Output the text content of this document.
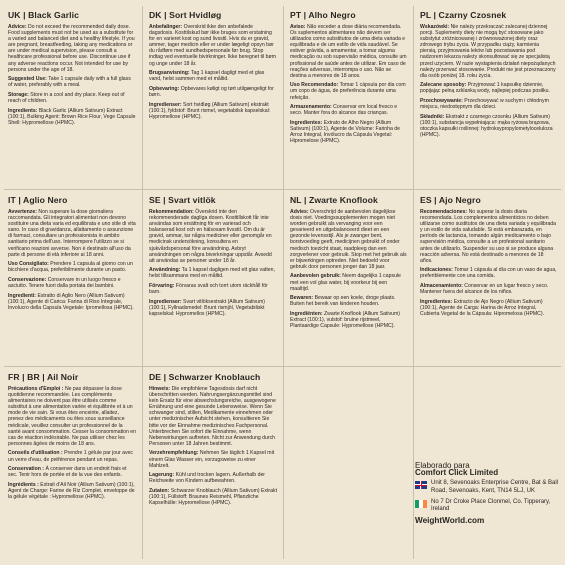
UK | Black Garlic

Advice: Do not exceed the recommended daily dose. Food supplements must not be used as a substitute for a varied and balanced diet and a healthy lifestyle. If you are pregnant, breastfeeding, taking any medications or are under medical supervision, please consult a healthcare professional before use. Discontinue use if any adverse reactions occur. Not intended for use by persons under the age of 18.

Suggested Use: Take 1 capsule daily with a full glass of water, preferably with a meal.

Storage: Store in a cool and dry place. Keep out of reach of children.

Ingredients: Black Garlic (Allium Sativum) Extract (100:1), Bulking Agent: Brown Rice Flour, Vege Capsule Shell: Hypromellose (HPMC).

DK | Sort Hvidløg

Anbefalinger: Overskrid ikke den anbefalede dagsdosis. Kosttilskud bør ikke bruges som erstatning for en varieret kost og sund livsstil. Hvis du er gravid, ammer, tager medicin eller er under lægeligt opsyn bør du rådføre med sundhedspersonale før brug. Stop indtag ved eventuelle bivirkninger. Ikke beregnet til børn og unge under 18 år.

Brugsanvisning: Tag 1 kapsel dagligt med et glas vand, helst sammen med et måltid.

Opbevaring: Opbevares køligt og tørt utilgængeligt for børn.

Ingredienser: Sort hvidløg (Allium Sativum) ekstrakt (100:1), fyldstof: Brunt rismel, vegetabilsk kapselskal: Hypromellose (HPMC).

PT | Alho Negro

Aviso: Não exceder a dose diária recomendada. Os suplementos alimentares não devem ser utilizados como substitutos de uma dieta variada e equilibrada e de um estilo de vida saudável. Se estiver grávida, a amamentar, a tomar alguma medicação ou sob supervisão médica, consulte um profissional de saúde antes de utilizar. Em caso de reações adversas, interrompa o uso. Não se destina a menores de 18 anos.

Uso Recomendado: Tomar 1 cápsula por dia com um copo de água, de preferência durante uma refeição.

Armazenamento: Conservar em local fresco e seco. Manter fora do alcance das crianças.

Ingredientes: Extrato de Alho Negro (Allium Sativum) (100:1), Agente de Volume: Farinha de Arroz Integral, Invólucro da Cápsula Vegetal: Hipromelose (HPMC).

PL | Czarny Czosnek

Wskazówki: Nie należy przekraczać zalecanej dziennej porcji. Suplementy diety nie mogą być stosowane jako substytut zróżnicowanej i zrównoważonej diety oraz zdrowego trybu życia. W przypadku ciąży, karmienia piersią, przyjmowania leków lub pozostawania pod nadzorem lekarza należy skonsultować się ze specjalistą przed użyciem. W razie wystąpienia działań niepożądanych należy przerwać stosowanie. Produkt nie jest przeznaczony dla osób poniżej 18. roku życia.

Zalecane sposoby: Przyjmować 1 kapsułkę dziennie, popijając pełną szklanką wody, najlepiej podczas posiłku.

Przechowywanie: Przechowywać w suchym i chłodnym miejscu, niedostępnym dla dzieci.

Składniki: Ekstrakt z czarnego czosnku (Allium Sativum) (100:1), substancja wypełniająca: mąka ryżowa brązowa, otoczka kapsułki roślinnej: hydroksypropylometyloceluloza (HPMC).

IT | Aglio Nero

Avvertenze: Non superare la dose giornaliera raccomandata. Gli integratori alimentari non devono sostituire una dieta varia ed equilibrata e uno stile di vita sano. In caso di gravidanza, allattamento o assunzione di farmaci, consultare un professionista in ambito sanitario prima dell'uso. Interrompere l'utilizzo se si verificano reazioni avverse. Non è destinato all'uso da parte di persone di età inferiore ai 18 anni.

Uso Consigliato: Prendere 1 capsula al giorno con un bicchiere d'acqua, preferibilmente durante un pasto.

Conservazione: Conservare in un luogo fresco e asciutto. Tenere fuori dalla portata dei bambini.

Ingredienti: Estratto di Aglio Nero (Allium Sativum) (100:1), Agente di Carica: Farina di Riso Integrale, Involucro della Capsula Vegetale: Ipromellosa (HPMC).

SE | Svart vitlök

Rekommendation: Överskrid inte den rekommenderade dagliga dosen. Kosttillskott får inte användas som ersättning för en varierad och balanserad kost och en hälsosam livsstil. Om du är gravid, ammar, tar några mediciner eller genomgår en medicinsk undersökning, konsultera en sjukvårdspersonal före användning. Avbryt användningen om några biverkningar uppstår. Avsedd att användas av personer under 18 år.

Användning: Ta 1 kapsel dagligen med ett glas vatten, helst tillsammans med en måltid.

Förvaring: Förvaras svalt och torrt utom räckhåll för barn.

Ingredienser: Svart vitlöksextrakt (Allium Sativum) (100:1), Fyllnadsmedel: Brunt rismjöl, Vegetabiliskt kapselskal: Hypromellos (HPMC).

NL | Zwarte Knoflook

Advies: Overschrijd de aanbevolen dagelijkse dosis niet. Voedingssupplementen mogen niet worden gebruikt als vervanging voor een gevarieerd en uitgebalanceerd dieet en een gezonde levensstijl. Als je zwanger bent, borstvoeding geeft, medicijnen gebruikt of onder medisch toezicht staat, raadpleeg dan een zorgverlener voor gebruik. Stop met het gebruik als er bijwerkingen optreden. Niet bedoeld voor gebruik door personen jonger dan 18 jaar.

Aanbevolen gebruik: Neem dagelijks 1 capsule met een vol glas water, bij voorkeur bij een maaltijd.

Bewaren: Bewaar op een koele, droge plaats. Buiten het bereik van kinderen houden.

Ingrediënten: Zwarte Knoflook (Allium Sativum) Extract (100:1), vulstof: bruine rijstmeel, Plantaardige Capsule: Hypromellose (HPMC).

ES | Ajo Negro

Recomendaciones: No superar la dosis diaria recomendada. Los complementos alimenticios no deben utilizarse como sustitutos de una dieta variada y equilibrada y un estilo de vida saludable. Si está embarazada, en período de lactancia, tomando algún medicamento o bajo supervisión médica, consulte a un profesional sanitario antes de utilizarlo. Suspender su uso si se produce alguna reacción adversa. No está destinado a menores de 18 años.

Indicaciones: Tomar 1 cápsula al día con un vaso de agua, preferiblemente con una comida.

Almacenamiento: Conservar en un lugar fresco y seco. Mantener fuera del alcance de los niños.

Ingredientes: Extracto de Ajo Negro (Allium Sativum) (100:1), Agente de Carga: Harina de Arroz Integral, Cubierta Vegetal de la Cápsula: Hipromelosa (HPMC).

FR | BR | Ail Noir

Précautions d'Emploi : Ne pas dépasser la dose quotidienne recommandée. Les compléments alimentaires ne doivent pas être utilisés comme substitut à une alimentation variée et équilibrée et à un mode de vie sain. Si vous êtes enceinte, allaitez, prenez des médicaments ou êtes sous surveillance médicale, veuillez consulter un professionnel de la santé avant consommation. Cesser la consommation en cas de réaction indésirable. Ne pas utiliser chez les personnes âgées de moins de 18 ans.

Conseils d'utilisation : Prendre 1 gélule par jour avec un verre d'eau, de préférence pendant un repas.

Conservation : À conserver dans un endroit frais et sec. Tenir hors de portée et de la vue des enfants.

Ingrédients : Extrait d'Ail Noir (Allium Sativum) (100:1), Agent de Charge: Farine de Riz Complet, enveloppe de la gélule végétale : Hypromellose (HPMC).

DE | Schwarzer Knoblauch

Hinweis: Die empfohlene Tagesdosis darf nicht überschritten werden. Nahrungsergänzungsmittel sind kein Ersatz für eine abwechslungsreiche, ausgewogene Ernährung und eine gesunde Lebensweise. Wenn Sie schwanger sind, stillen, Medikamente einnehmen oder unter medizinischer Aufsicht stehen, konsultieren Sie bitte vor der Einnahme medizinisches Fachpersonal. Unterbrechen Sie sofort die Einnahme, wenn Nebenwirkungen auftreten. Nicht zur Anwendung durch Personen unter 18 Jahren bestimmt.

Verzehrempfehlung: Nehmen Sie täglich 1 Kapsel mit einem Glas Wasser ein, vorzugsweise zu einer Mahlzeit.

Lagerung: Kühl und trocken lagern. Außerhalb der Reichweite von Kindern aufbewahren.

Zutaten: Schwarzer Knoblauch (Allium Sativum) Extrakt (100:1), Füllstoff: Braunes Reismehl, Pflanzliche Kapselhülle: Hypromellose (HPMC).

Elaborado para

Comfort Click Limited

Unit 8, Sevenoaks Enterprise Centre, Bat & Ball Road, Sevenoaks, Kent, TN14 5LJ, UK
No 7 Dr Croke Place Clonmel, Co. Tipperary, Ireland
WeightWorld.com
